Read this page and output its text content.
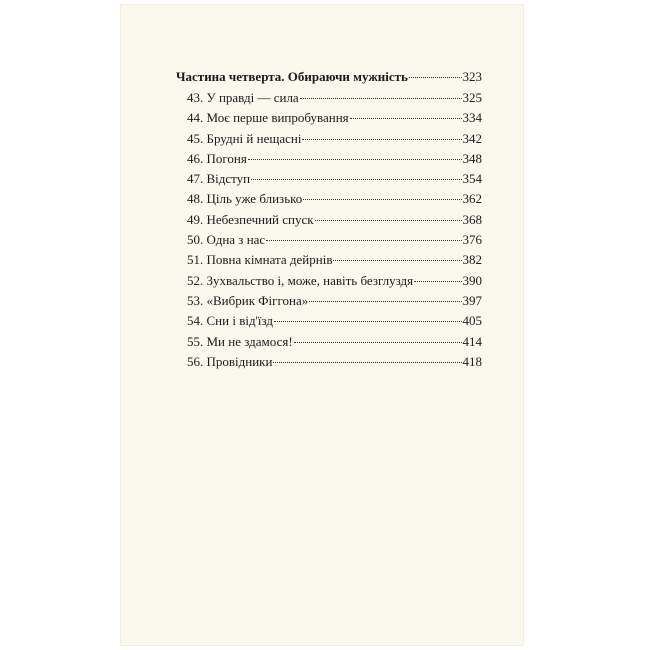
Частина четверта. Обираючи мужність	323
43. У правді — сила	325
44. Моє перше випробування	334
45. Брудні й нещасні	342
46. Погоня	348
47. Відступ	354
48. Ціль уже близько	362
49. Небезпечний спуск	368
50. Одна з нас	376
51. Повна кімната дейрнів	382
52. Зухвальство і, може, навіть безглуздя	390
53. «Вибрик Фіггона»	397
54. Сни і від'їзд	405
55. Ми не здамося!	414
56. Провідники	418
